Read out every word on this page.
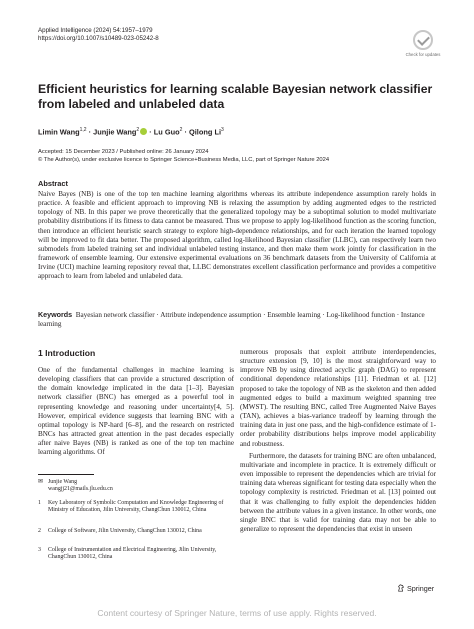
Applied Intelligence (2024) 54:1957–1979
https://doi.org/10.1007/s10489-023-05242-8
Check for updates
Efficient heuristics for learning scalable Bayesian network classifier from labeled and unlabeled data
Limin Wang$^{1,2}$ · Junjie Wang$^2$ · Lu Guo$^2$ · Qilong Li$^3$
Accepted: 15 December 2023 / Published online: 26 January 2024
© The Author(s), under exclusive licence to Springer Science+Business Media, LLC, part of Springer Nature 2024
Abstract
Naive Bayes (NB) is one of the top ten machine learning algorithms whereas its attribute independence assumption rarely holds in practice. A feasible and efficient approach to improving NB is relaxing the assumption by adding augmented edges to the restricted topology of NB. In this paper we prove theoretically that the generalized topology may be a suboptimal solution to model multivariate probability distributions if its fitness to data cannot be measured. Thus we propose to apply log-likelihood function as the scoring function, then introduce an efficient heuristic search strategy to explore high-dependence relationships, and for each iteration the learned topology will be improved to fit data better. The proposed algorithm, called log-likelihood Bayesian classifier (LLBC), can respectively learn two submodels from labeled training set and individual unlabeled testing instance, and then make them work jointly for classification in the framework of ensemble learning. Our extensive experimental evaluations on 36 benchmark datasets from the University of California at Irvine (UCI) machine learning repository reveal that, LLBC demonstrates excellent classification performance and provides a competitive approach to learn from labeled and unlabeled data.
Keywords Bayesian network classifier · Attribute independence assumption · Ensemble learning · Log-likelihood function · Instance learning
1 Introduction

One of the fundamental challenges in machine learning is developing classifiers that can provide a structured description of the domain knowledge implicated in the data [1–3]. Bayesian network classifier (BNC) has emerged as a powerful tool in representing knowledge and reasoning under uncertainty[4, 5]. However, empirical evidence suggests that learning BNC with a optimal topology is NP-hard [6–8], and the research on restricted BNCs has attracted great attention in the past decades especially after naive Bayes (NB) is ranked as one of the top ten machine learning algorithms. Of

✉ Junjie Wang
wangjj21@mails.jlu.edu.cn
1 Key Laboratory of Symbolic Computation and Knowledge Engineering of Ministry of Education, Jilin University, ChangChun 130012, China
2 College of Software, Jilin University, ChangChun 130012, China
3 College of Instrumentation and Electrical Engineering, Jilin University, ChangChun 130012, China

numerous proposals that exploit attribute interdependencies, structure extension [9, 10] is the most straightforward way to improve NB by using directed acyclic graph (DAG) to represent conditional dependence relationships [11]. Friedman et al. [12] proposed to take the topology of NB as the skeleton and then added augmented edges to build a maximum weighted spanning tree (MWST). The resulting BNC, called Tree Augmented Naive Bayes (TAN), achieves a bias-variance tradeoff by learning through the training data in just one pass, and the high-confidence estimate of 1-order probability distributions helps improve model applicability and robustness.

Furthermore, the datasets for training BNC are often unbalanced, multivariate and incomplete in practice. It is extremely difficult or even impossible to represent the dependencies which are trivial for training data whereas significant for testing data especially when the topology complexity is restricted. Friedman et al. [13] pointed out that it was challenging to fully exploit the dependencies hidden between the attribute values in a given instance. In other words, one single BNC that is valid for training data may not be able to generalize to represent the dependencies that exist in unseen

Springer
Content courtesy of Springer Nature, terms of use apply. Rights reserved.
